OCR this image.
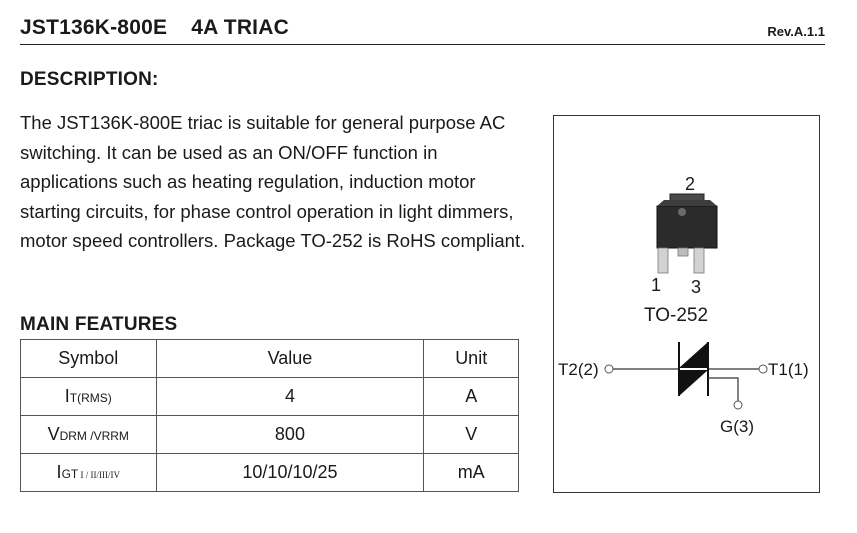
JST136K-800E    4A TRIAC	Rev.A.1.1
DESCRIPTION:
The JST136K-800E triac is suitable for general purpose AC switching. It can be used as an ON/OFF function in applications such as heating regulation, induction motor starting circuits, for phase control operation in light dimmers, motor speed controllers. Package TO-252 is RoHS compliant.
MAIN FEATURES
Symbol	Value	Unit
IT(RMS)	4	A
VDRM /VRRM	800	V
IGT I / II/III/IV	10/10/10/25	mA
2
1 3
TO-252
T2(2)	T1(1)
G(3)
